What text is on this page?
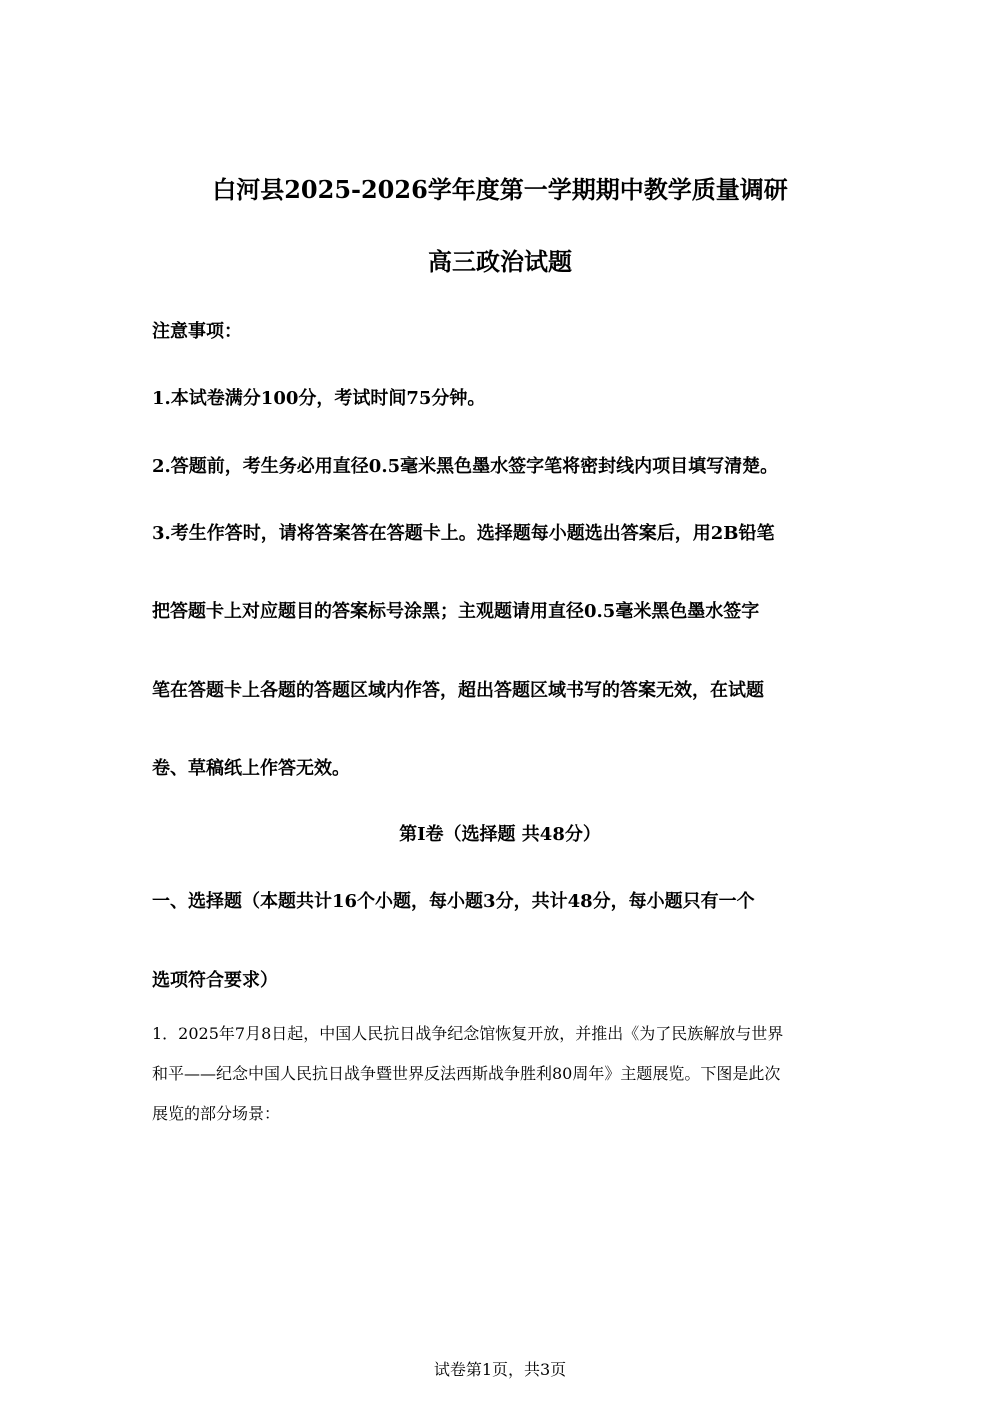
白河县2025-2026学年度第一学期期中教学质量调研
高三政治试题
注意事项：
1.本试卷满分100分，考试时间75分钟。
2.答题前，考生务必用直径0.5毫米黑色墨水签字笔将密封线内项目填写清楚。
3.考生作答时，请将答案答在答题卡上。选择题每小题选出答案后，用2B铅笔
把答题卡上对应题目的答案标号涂黑；主观题请用直径0.5毫米黑色墨水签字
笔在答题卡上各题的答题区域内作答，超出答题区域书写的答案无效，在试题
卷、草稿纸上作答无效。
第Ⅰ卷（选择题 共48分）
一、选择题（本题共计16个小题，每小题3分，共计48分，每小题只有一个
选项符合要求）
1．2025年7月8日起，中国人民抗日战争纪念馆恢复开放，并推出《为了民族解放与世界
和平——纪念中国人民抗日战争暨世界反法西斯战争胜利80周年》主题展览。下图是此次
展览的部分场景：
试卷第1页，共3页
